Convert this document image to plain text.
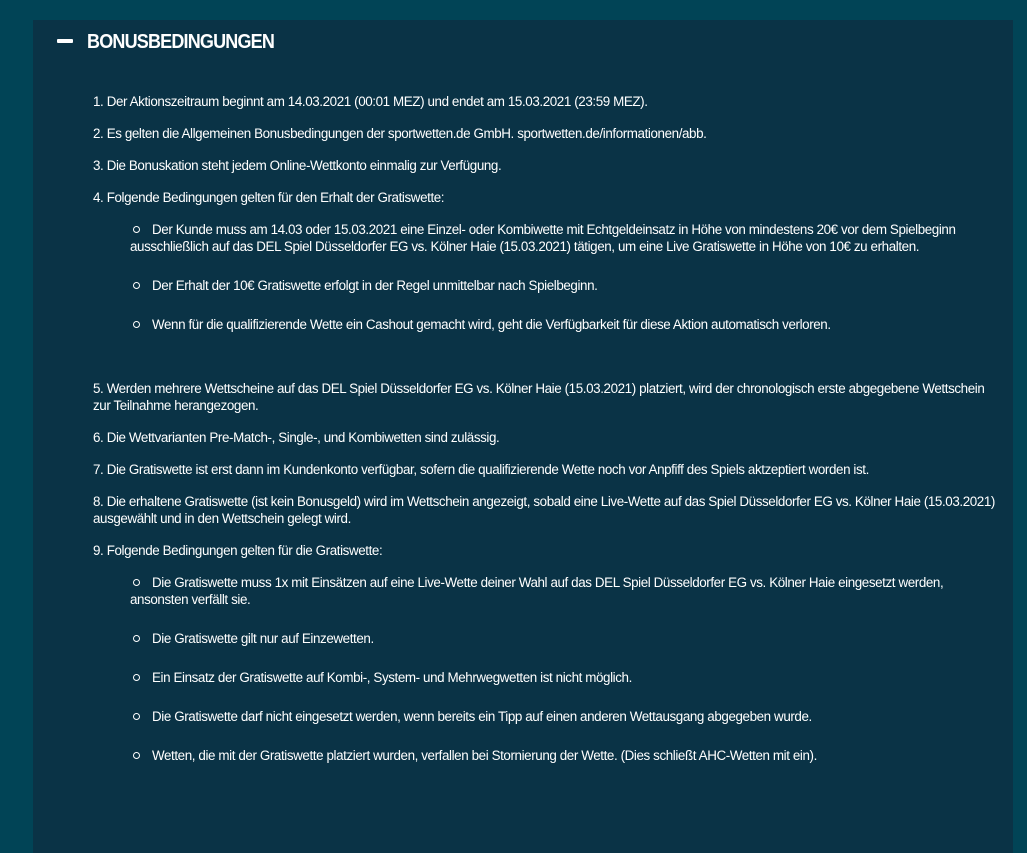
BONUSBEDINGUNGEN

1. Der Aktionszeitraum beginnt am 14.03.2021 (00:01 MEZ) und endet am 15.03.2021 (23:59 MEZ).

2. Es gelten die Allgemeinen Bonusbedingungen der sportwetten.de GmbH. sportwetten.de/informationen/abb.

3. Die Bonuskation steht jedem Online-Wettkonto einmalig zur Verfügung.

4. Folgende Bedingungen gelten für den Erhalt der Gratiswette:

Der Kunde muss am 14.03 oder 15.03.2021 eine Einzel- oder Kombiwette mit Echtgeldeinsatz in Höhe von mindestens 20€ vor dem Spielbeginn ausschließlich auf das DEL Spiel Düsseldorfer EG vs. Kölner Haie (15.03.2021) tätigen, um eine Live Gratiswette in Höhe von 10€ zu erhalten.
Der Erhalt der 10€ Gratiswette erfolgt in der Regel unmittelbar nach Spielbeginn.
Wenn für die qualifizierende Wette ein Cashout gemacht wird, geht die Verfügbarkeit für diese Aktion automatisch verloren.

5. Werden mehrere Wettscheine auf das DEL Spiel Düsseldorfer EG vs. Kölner Haie (15.03.2021) platziert, wird der chronologisch erste abgegebene Wettschein zur Teilnahme herangezogen.

6. Die Wettvarianten Pre-Match-, Single-, und Kombiwetten sind zulässig.

7. Die Gratiswette ist erst dann im Kundenkonto verfügbar, sofern die qualifizierende Wette noch vor Anpfiff des Spiels aktzeptiert worden ist.

8. Die erhaltene Gratiswette (ist kein Bonusgeld) wird im Wettschein angezeigt, sobald eine Live-Wette auf das Spiel Düsseldorfer EG vs. Kölner Haie (15.03.2021) ausgewählt und in den Wettschein gelegt wird.

9. Folgende Bedingungen gelten für die Gratiswette:

Die Gratiswette muss 1x mit Einsätzen auf eine Live-Wette deiner Wahl auf das DEL Spiel Düsseldorfer EG vs. Kölner Haie eingesetzt werden, ansonsten verfällt sie.
Die Gratiswette gilt nur auf Einzewetten.
Ein Einsatz der Gratiswette auf Kombi-, System- und Mehrwegwetten ist nicht möglich.
Die Gratiswette darf nicht eingesetzt werden, wenn bereits ein Tipp auf einen anderen Wettausgang abgegeben wurde.
Wetten, die mit der Gratiswette platziert wurden, verfallen bei Stornierung der Wette. (Dies schließt AHC-Wetten mit ein).
